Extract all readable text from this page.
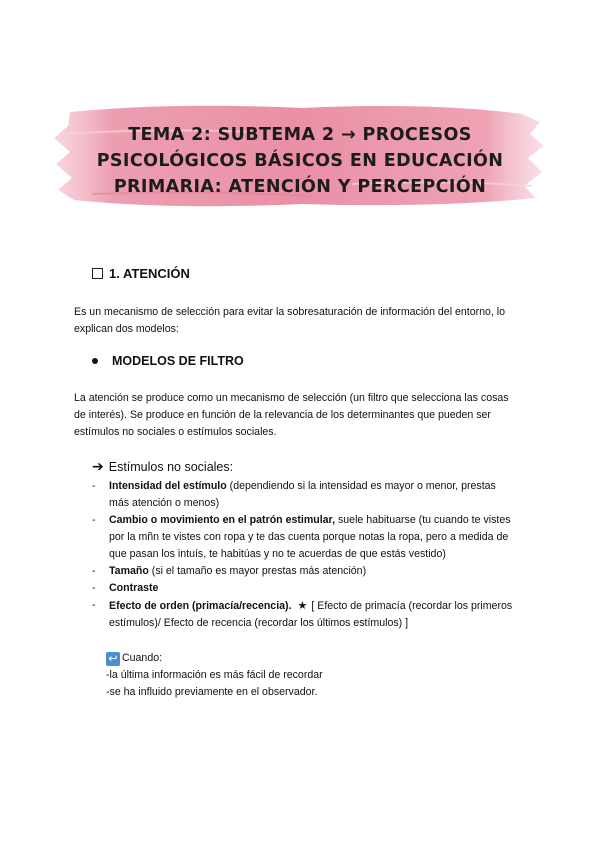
TEMA 2: SUBTEMA 2 → PROCESOS
PSICOLÓGICOS BÁSICOS EN EDUCACIÓN
PRIMARIA: ATENCIÓN Y PERCEPCIÓN
1. ATENCIÓN
Es un mecanismo de selección para evitar la sobresaturación de información del entorno, lo
explican dos modelos:
MODELOS DE FILTRO
La atención se produce como un mecanismo de selección (un filtro que selecciona las cosas
de interés). Se produce en función de la relevancia de los determinantes que pueden ser
estímulos no sociales o estímulos sociales.
➔ Estímulos no sociales:
- Intensidad del estímulo (dependiendo si la intensidad es mayor o menor, prestas
más atención o menos)
- Cambio o movimiento en el patrón estimular, suele habituarse (tu cuando te vistes
por la mñn te vistes con ropa y te das cuenta porque notas la ropa, pero a medida de
que pasan los intuís, te habitúas y no te acuerdas de que estás vestido)
- Tamaño (si el tamaño es mayor prestas más atención)
- Contraste
- Efecto de orden (primacía/recencia). ★ [ Efecto de primacía (recordar los primeros
estímulos)/ Efecto de recencia (recordar los últimos estímulos) ]
↩ Cuando:
-la última información es más fácil de recordar
-se ha influido previamente en el observador.
